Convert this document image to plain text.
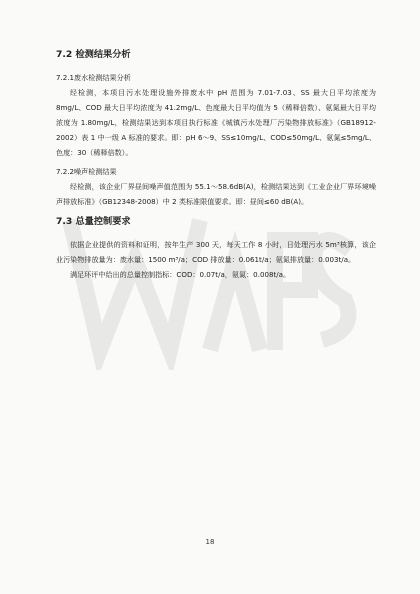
7.2 检测结果分析
7.2.1废水检测结果分析

经检测，本项目污水处理设施外排废水中 pH 范围为 7.01-7.03、SS 最大日平均浓度为 8mg/L、COD 最大日平均浓度为 41.2mg/L、色度最大日平均值为 5（稀释倍数）、氨氮最大日平均浓度为 1.80mg/L，检测结果达到本项目执行标准《城镇污水处理厂污染物排放标准》（GB18912-2002）表 1 中一级 A 标准的要求。即：pH 6～9、SS≤10mg/L、COD≤50mg/L、氨氮≤5mg/L、色度：30（稀释倍数）。

7.2.2噪声检测结果

经检测，该企业厂界昼间噪声值范围为 55.1～58.6dB(A)，检测结果达到《工业企业厂界环境噪声排放标准》（GB12348-2008）中 2 类标准限值要求。即：昼间≤60 dB(A)。

7.3 总量控制要求

依据企业提供的资料和证明，按年生产 300 天，每天工作 8 小时，日处理污水 5m³核算，该企业污染物排放量为：废水量：1500 m³/a；COD 排放量：0.061t/a；氨氮排放量：0.003t/a。

满足环评中给出的总量控制指标：COD：0.07t/a，氨氮：0.008t/a。

18
